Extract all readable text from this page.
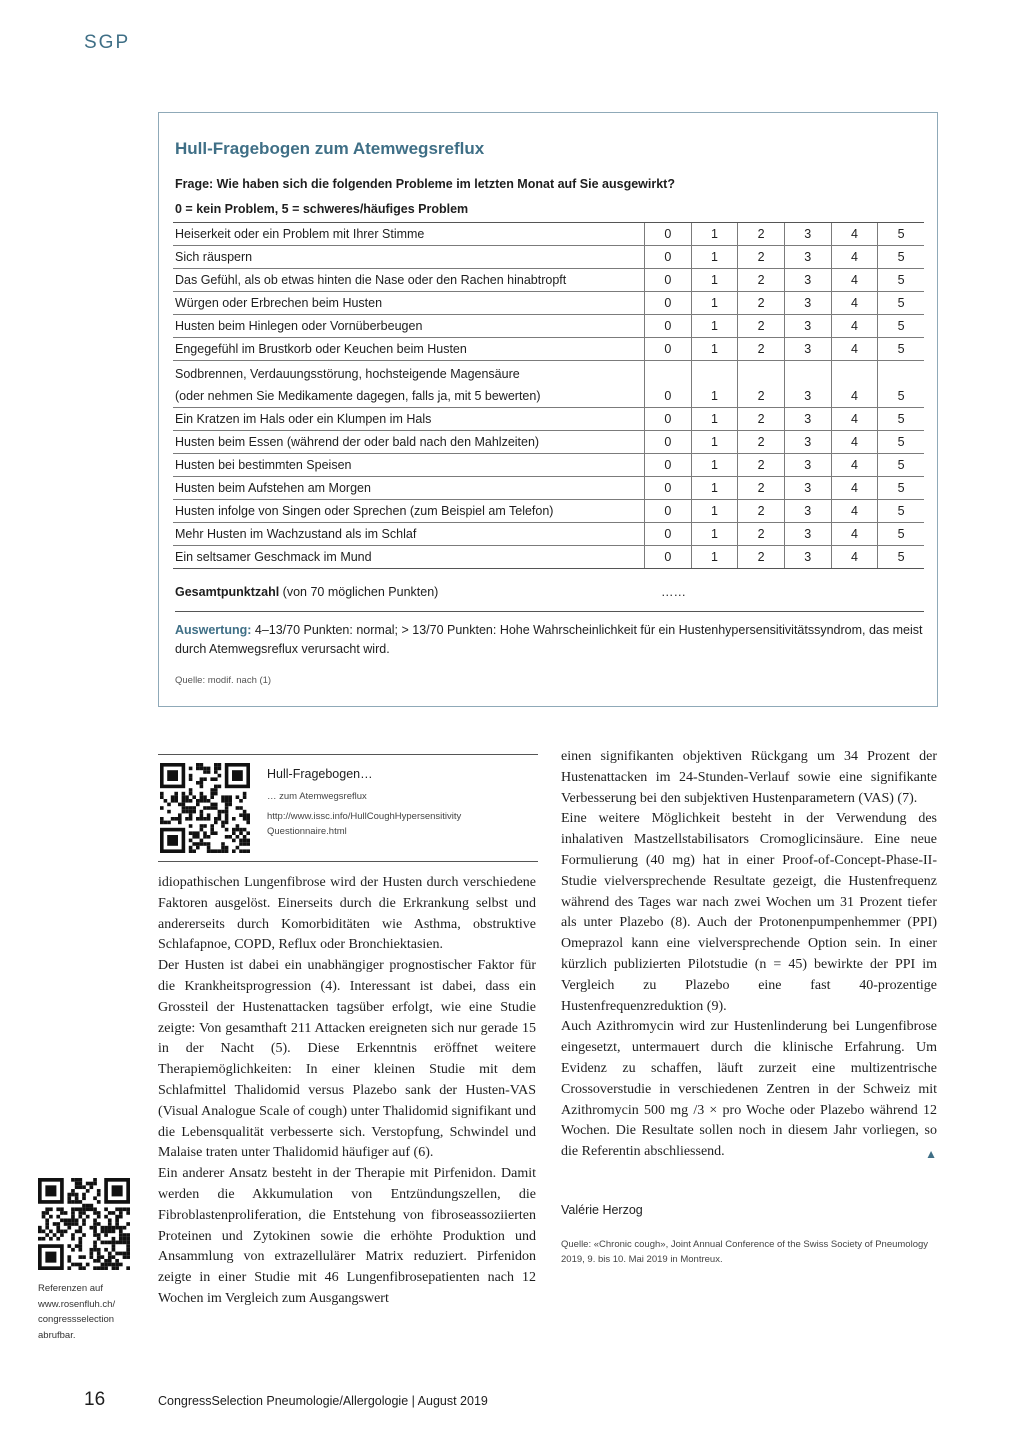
SGP
Hull-Fragebogen zum Atemwegsreflux
Frage: Wie haben sich die folgenden Probleme im letzten Monat auf Sie ausgewirkt?
0 = kein Problem, 5 = schweres/häufiges Problem
Heiserkeit oder ein Problem mit Ihrer Stimme	0	1	2	3	4	5

Sich räuspern	0	1	2	3	4	5

Das Gefühl, als ob etwas hinten die Nase oder den Rachen hinabtropft	0	1	2	3	4	5

Würgen oder Erbrechen beim Husten	0	1	2	3	4	5

Husten beim Hinlegen oder Vornüberbeugen	0	1	2	3	4	5

Engegefühl im Brustkorb oder Keuchen beim Husten	0	1	2	3	4	5

Sodbrennen, Verdauungsstörung, hochsteigende Magensäure
(oder nehmen Sie Medikamente dagegen, falls ja, mit 5 bewerten)	0	1	2	3	4	5

Ein Kratzen im Hals oder ein Klumpen im Hals	0	1	2	3	4	5

Husten beim Essen (während der oder bald nach den Mahlzeiten)	0	1	2	3	4	5

Husten bei bestimmten Speisen	0	1	2	3	4	5

Husten beim Aufstehen am Morgen	0	1	2	3	4	5

Husten infolge von Singen oder Sprechen (zum Beispiel am Telefon)	0	1	2	3	4	5

Mehr Husten im Wachzustand als im Schlaf	0	1	2	3	4	5

Ein seltsamer Geschmack im Mund	0	1	2	3	4	5
Gesamtpunktzahl (von 70 möglichen Punkten)	……
Auswertung: 4–13/70 Punkten: normal; > 13/70 Punkten: Hohe Wahrscheinlichkeit für ein Hustenhypersensitivitätssyndrom, das meist durch Atemwegsreflux verursacht wird.
Quelle: modif. nach (1)
Hull-Fragebogen…
… zum Atemwegsreflux
http://www.issc.info/HullCoughHypersensitivity
Questionnaire.html

idiopathischen Lungenfibrose wird der Husten durch verschiedene Faktoren ausgelöst. Einerseits durch die Erkrankung selbst und andererseits durch Komorbiditäten wie Asthma, obstruktive Schlafapnoe, COPD, Reflux oder Bronchiektasien.

Der Husten ist dabei ein unabhängiger prognostischer Faktor für die Krankheitsprogression (4). Interessant ist dabei, dass ein Grossteil der Hustenattacken tagsüber erfolgt, wie eine Studie zeigte: Von gesamthaft 211 Attacken ereigneten sich nur gerade 15 in der Nacht (5). Diese Erkenntnis eröffnet weitere Therapiemöglichkeiten: In einer kleinen Studie mit dem Schlafmittel Thalidomid versus Plazebo sank der Husten-VAS (Visual Analogue Scale of cough) unter Thalidomid signifikant und die Lebensqualität verbesserte sich. Verstopfung, Schwindel und Malaise traten unter Thalidomid häufiger auf (6).

Ein anderer Ansatz besteht in der Therapie mit Pirfenidon. Damit werden die Akkumulation von Entzündungszellen, die Fibroblastenproliferation, die Entstehung von fibroseassoziierten Proteinen und Zytokinen sowie die erhöhte Produktion und Ansammlung von extrazellulärer Matrix reduziert. Pirfenidon zeigte in einer Studie mit 46 Lungenfibrosepatienten nach 12 Wochen im Vergleich zum Ausgangswert

einen signifikanten objektiven Rückgang um 34 Prozent der Hustenattacken im 24-Stunden-Verlauf sowie eine signifikante Verbesserung bei den subjektiven Hustenparametern (VAS) (7).

Eine weitere Möglichkeit besteht in der Verwendung des inhalativen Mastzellstabilisators Cromoglicinsäure. Eine neue Formulierung (40 mg) hat in einer Proof-of-Concept-Phase-II-Studie vielversprechende Resultate gezeigt, die Hustenfrequenz während des Tages war nach zwei Wochen um 31 Prozent tiefer als unter Plazebo (8). Auch der Protonenpumpenhemmer (PPI) Omeprazol kann eine vielversprechende Option sein. In einer kürzlich publizierten Pilotstudie (n = 45) bewirkte der PPI im Vergleich zu Plazebo eine fast 40-prozentige Hustenfrequenzreduktion (9).

Auch Azithromycin wird zur Hustenlinderung bei Lungenfibrose eingesetzt, untermauert durch die klinische Erfahrung. Um Evidenz zu schaffen, läuft zurzeit eine multizentrische Crossoverstudie in verschiedenen Zentren in der Schweiz mit Azithromycin 500 mg /3 × pro Woche oder Plazebo während 12 Wochen. Die Resultate sollen noch in diesem Jahr vorliegen, so die Referentin abschliessend.	▲

Valérie Herzog
Quelle: «Chronic cough», Joint Annual Conference of the Swiss Society of Pneumology 2019, 9. bis 10. Mai 2019 in Montreux.
Referenzen auf
www.rosenfluh.ch/
congressselection
abrufbar.
16	CongressSelection Pneumologie/Allergologie | August 2019
